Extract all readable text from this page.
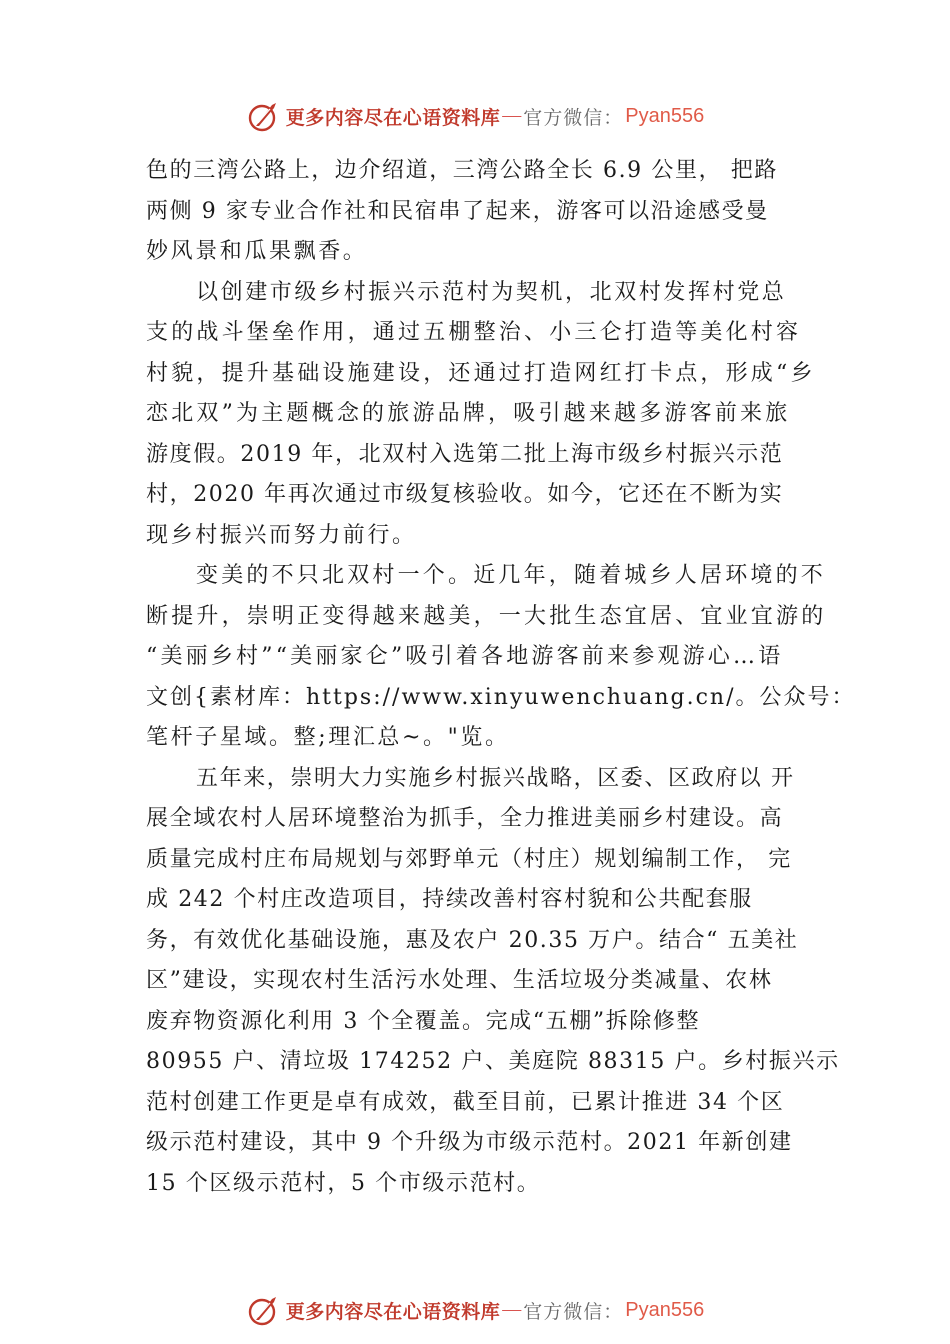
更多内容尽在心语资料库 — 官方微信： Pyan556
色的三湾公路上，边介绍道，三湾公路全长 6.9 公里， 把路
两侧 9 家专业合作社和民宿串了起来，游客可以沿途感受曼
妙风景和瓜果飘香。
以创建市级乡村振兴示范村为契机，北双村发挥村党总
支的战斗堡垒作用，通过五棚整治、小三仑打造等美化村容
村貌，提升基础设施建设，还通过打造网红打卡点，形成“乡
恋北双”为主题概念的旅游品牌，吸引越来越多游客前来旅
游度假。2019 年，北双村入选第二批上海市级乡村振兴示范
村，2020 年再次通过市级复核验收。如今，它还在不断为实
现乡村振兴而努力前行。
变美的不只北双村一个。近几年，随着城乡人居环境的不
断提升，崇明正变得越来越美，一大批生态宜居、宜业宜游的
“美丽乡村”“美丽家仑”吸引着各地游客前来参观游心…语
文创{素材库：https://www.xinyuwenchuang.cn/。公众号：
笔杆子星域。整;理汇总~。"览。
五年来，崇明大力实施乡村振兴战略，区委、区政府以 开
展全域农村人居环境整治为抓手，全力推进美丽乡村建设。高
质量完成村庄布局规划与郊野单元（村庄）规划编制工作， 完
成 242 个村庄改造项目，持续改善村容村貌和公共配套服
务，有效优化基础设施，惠及农户 20.35 万户。结合“ 五美社
区”建设，实现农村生活污水处理、生活垃圾分类减量、农林
废弃物资源化利用 3 个全覆盖。完成“五棚”拆除修整
80955 户、清垃圾 174252 户、美庭院 88315 户。乡村振兴示
范村创建工作更是卓有成效，截至目前，已累计推进 34 个区
级示范村建设，其中 9 个升级为市级示范村。2021 年新创建
15 个区级示范村，5 个市级示范村。
更多内容尽在心语资料库 — 官方微信： Pyan556
